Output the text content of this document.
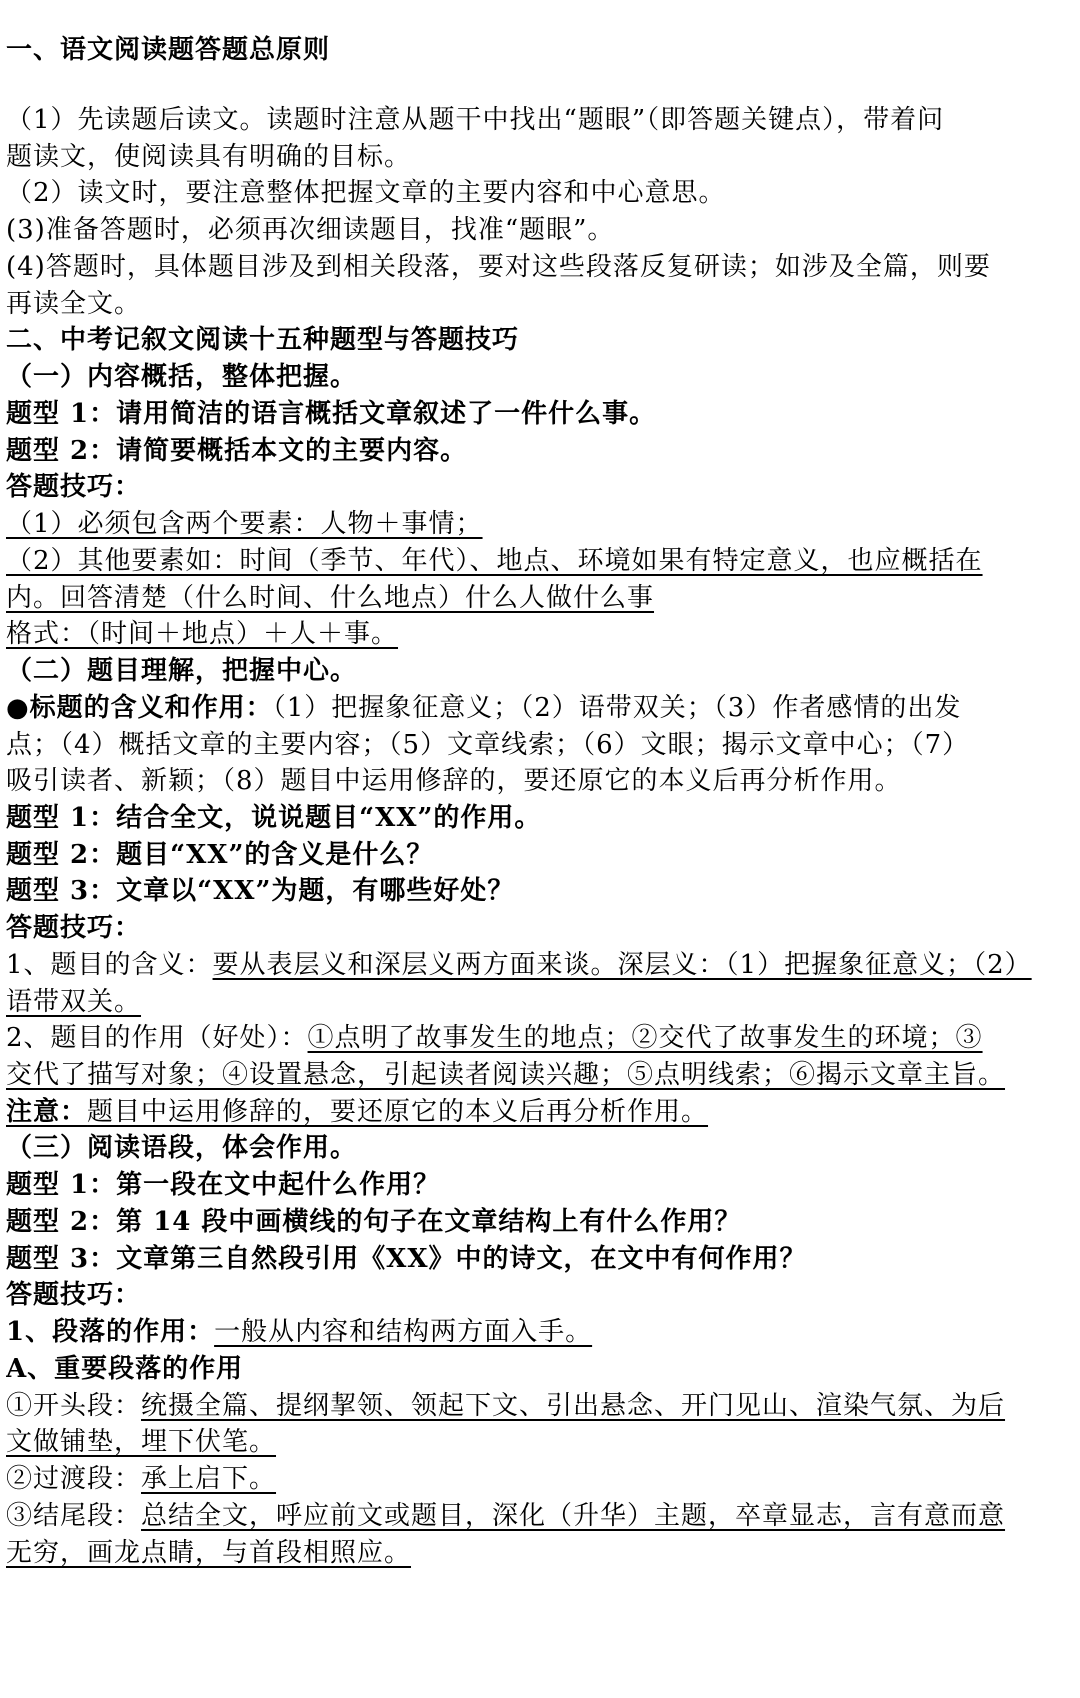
一、语文阅读题答题总原则
（1）先读题后读文。读题时注意从题干中找出“题眼”（即答题关键点），带着问
题读文，使阅读具有明确的目标。
（2）读文时，要注意整体把握文章的主要内容和中心意思。
(3)准备答题时，必须再次细读题目，找准“题眼”。
(4)答题时，具体题目涉及到相关段落，要对这些段落反复研读；如涉及全篇，则要
再读全文。
二、中考记叙文阅读十五种题型与答题技巧
（一）内容概括，整体把握。
题型 1：请用简洁的语言概括文章叙述了一件什么事。
题型 2：请简要概括本文的主要内容。
答题技巧：
（1）必须包含两个要素：人物＋事情；
（2）其他要素如：时间（季节、年代）、地点、环境如果有特定意义，也应概括在
内。回答清楚（什么时间、什么地点）什么人做什么事
格式：（时间＋地点）＋人＋事。
（二）题目理解，把握中心。
●标题的含义和作用：（1）把握象征意义；（2）语带双关；（3）作者感情的出发
点；（4）概括文章的主要内容；（5）文章线索；（6）文眼；揭示文章中心；（7）
吸引读者、新颖；（8）题目中运用修辞的，要还原它的本义后再分析作用。
题型 1：结合全文，说说题目“XX”的作用。
题型 2：题目“XX”的含义是什么？
题型 3：文章以“XX”为题，有哪些好处？
答题技巧：
1、题目的含义：要从表层义和深层义两方面来谈。深层义：（1）把握象征意义；（2）
语带双关。
2、题目的作用（好处）：①点明了故事发生的地点；②交代了故事发生的环境；③
交代了描写对象；④设置悬念，引起读者阅读兴趣；⑤点明线索；⑥揭示文章主旨。
注意：题目中运用修辞的，要还原它的本义后再分析作用。
（三）阅读语段，体会作用。
题型 1：第一段在文中起什么作用？
题型 2：第 14 段中画横线的句子在文章结构上有什么作用？
题型 3：文章第三自然段引用《XX》中的诗文，在文中有何作用？
答题技巧：
1、段落的作用：一般从内容和结构两方面入手。
A、重要段落的作用
①开头段：统摄全篇、提纲挈领、领起下文、引出悬念、开门见山、渲染气氛、为后
文做铺垫，埋下伏笔。
②过渡段：承上启下。
③结尾段：总结全文，呼应前文或题目，深化（升华）主题，卒章显志，言有意而意
无穷，画龙点睛，与首段相照应。
